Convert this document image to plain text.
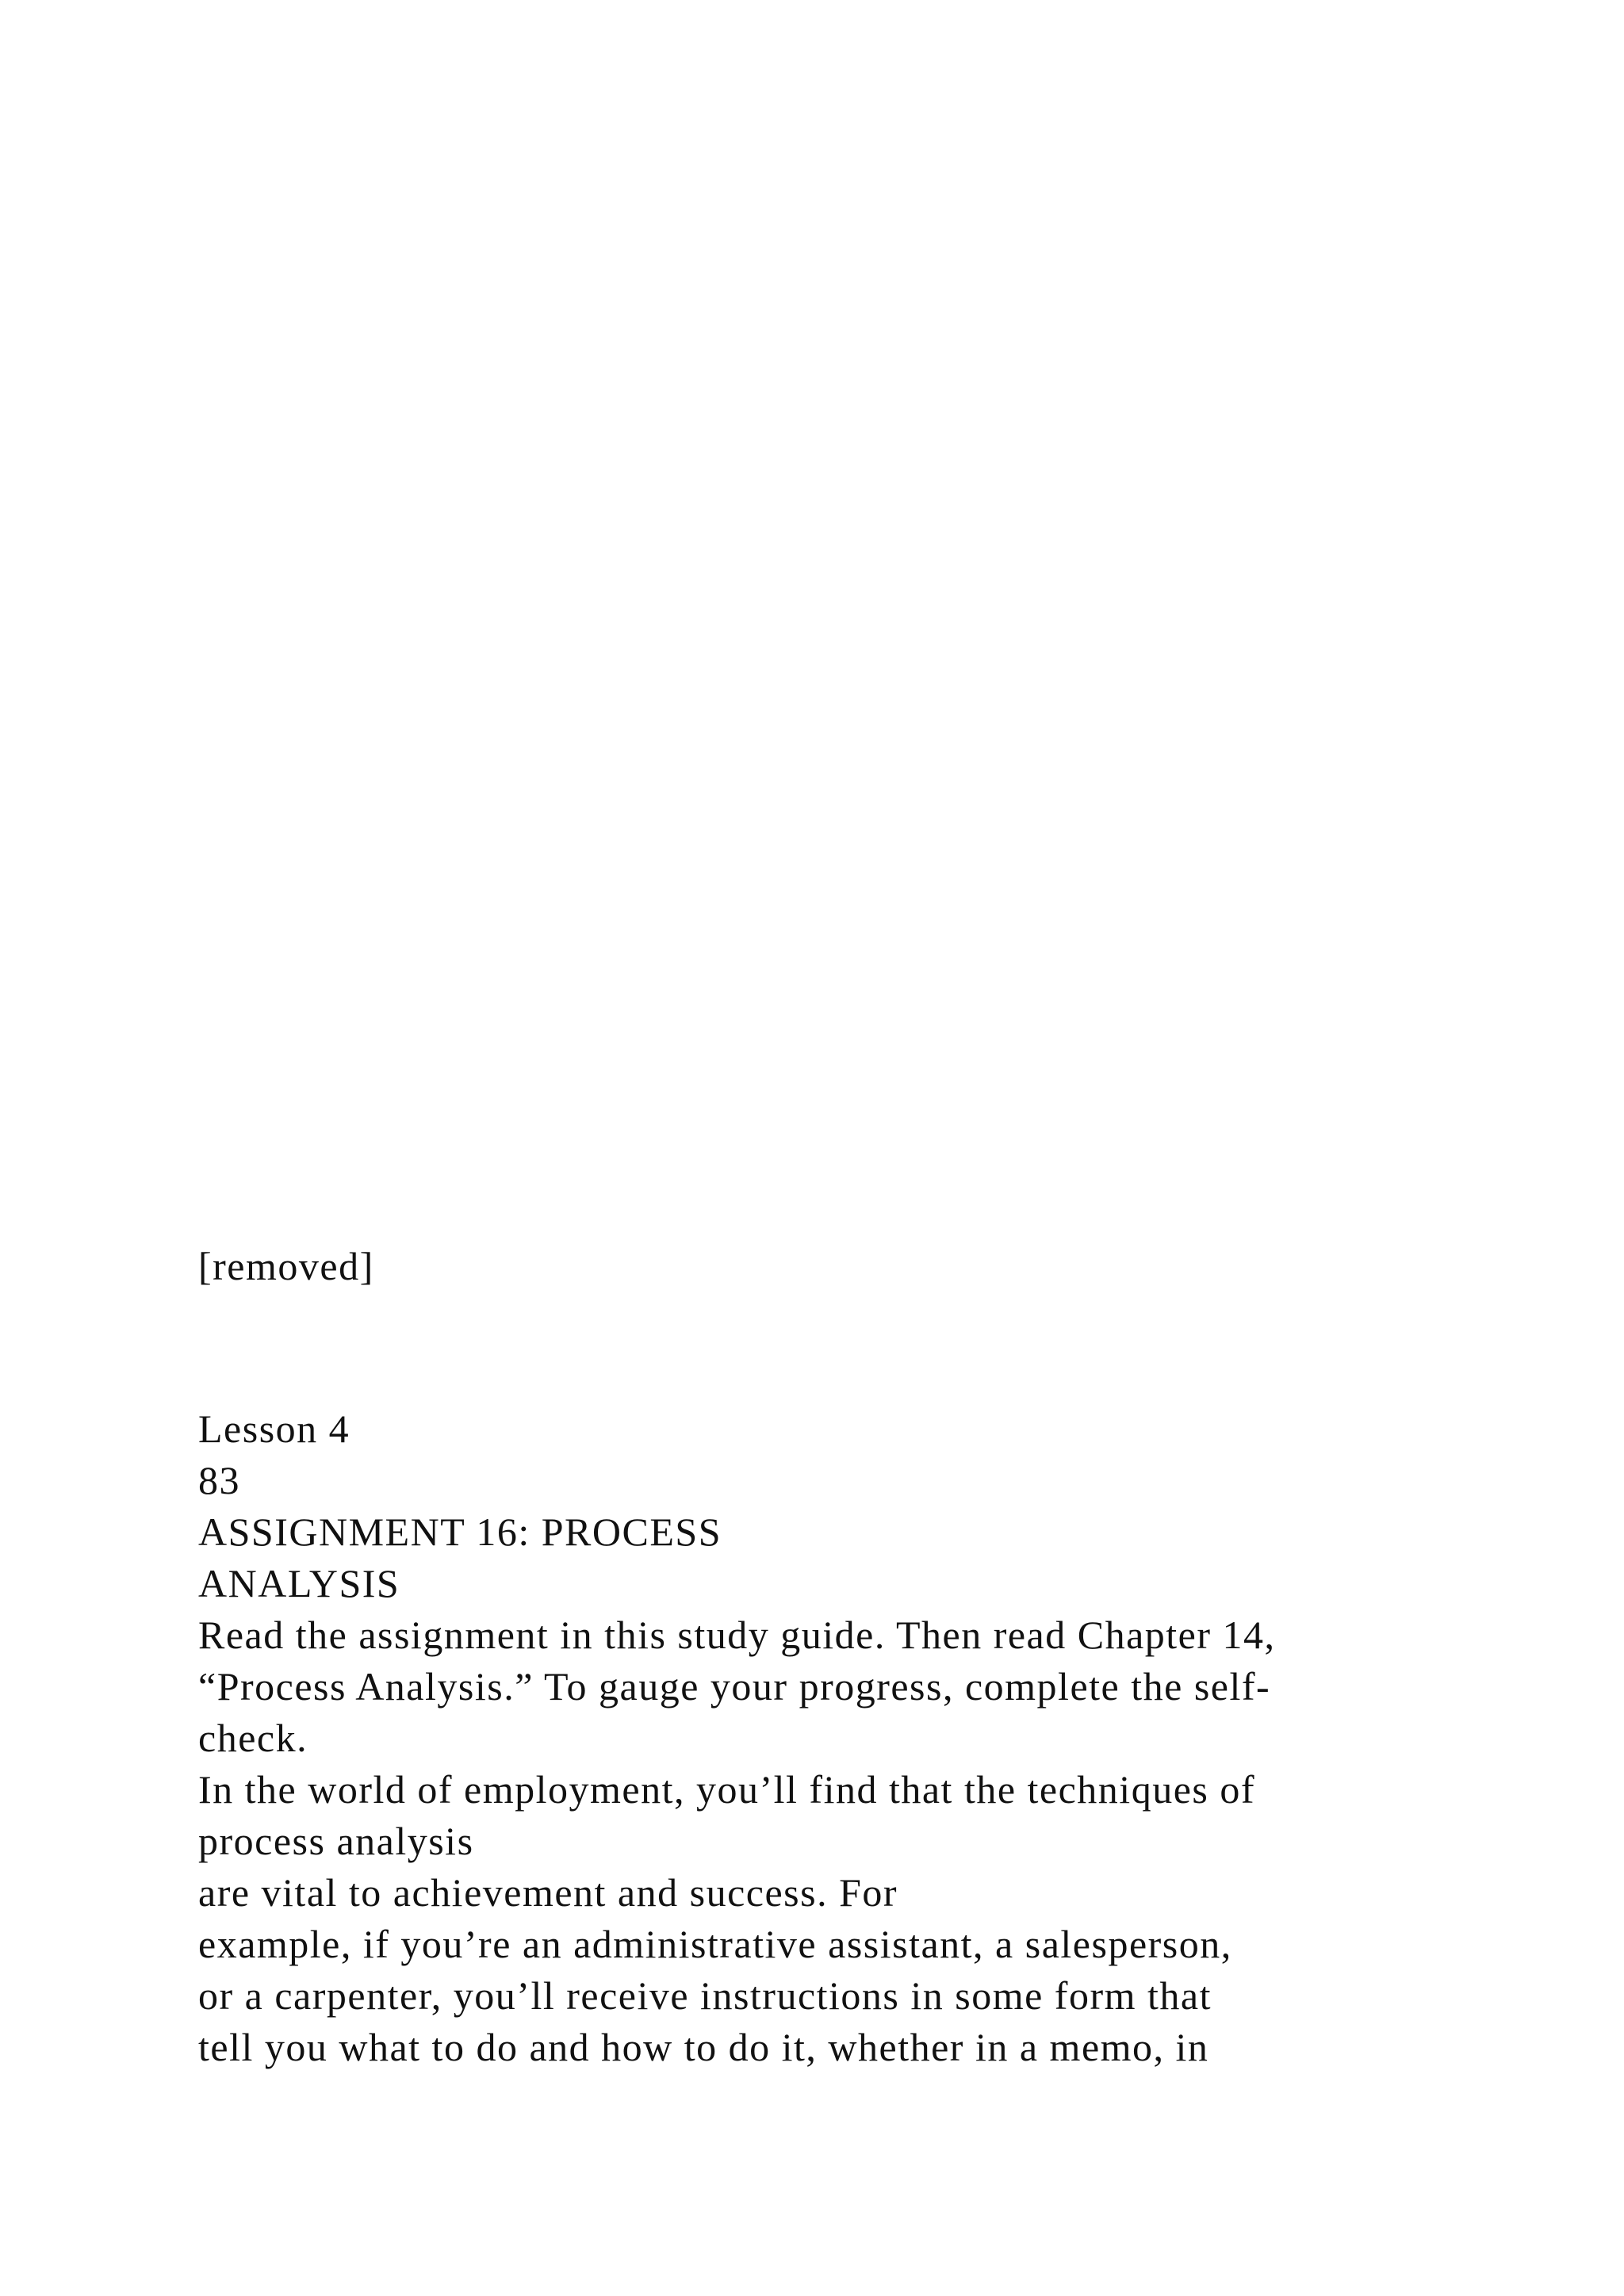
[removed]
Lesson 4
83
ASSIGNMENT 16: PROCESS
ANALYSIS
Read the assignment in this study guide. Then read Chapter 14,
“Process Analysis.” To gauge your progress, complete the self-
check.
In the world of employment, you’ll find that the techniques of
process analysis
are vital to achievement and success. For
example, if you’re an administrative assistant, a salesperson,
or a carpenter, you’ll receive instructions in some form that
tell you what to do and how to do it, whether in a memo, in
